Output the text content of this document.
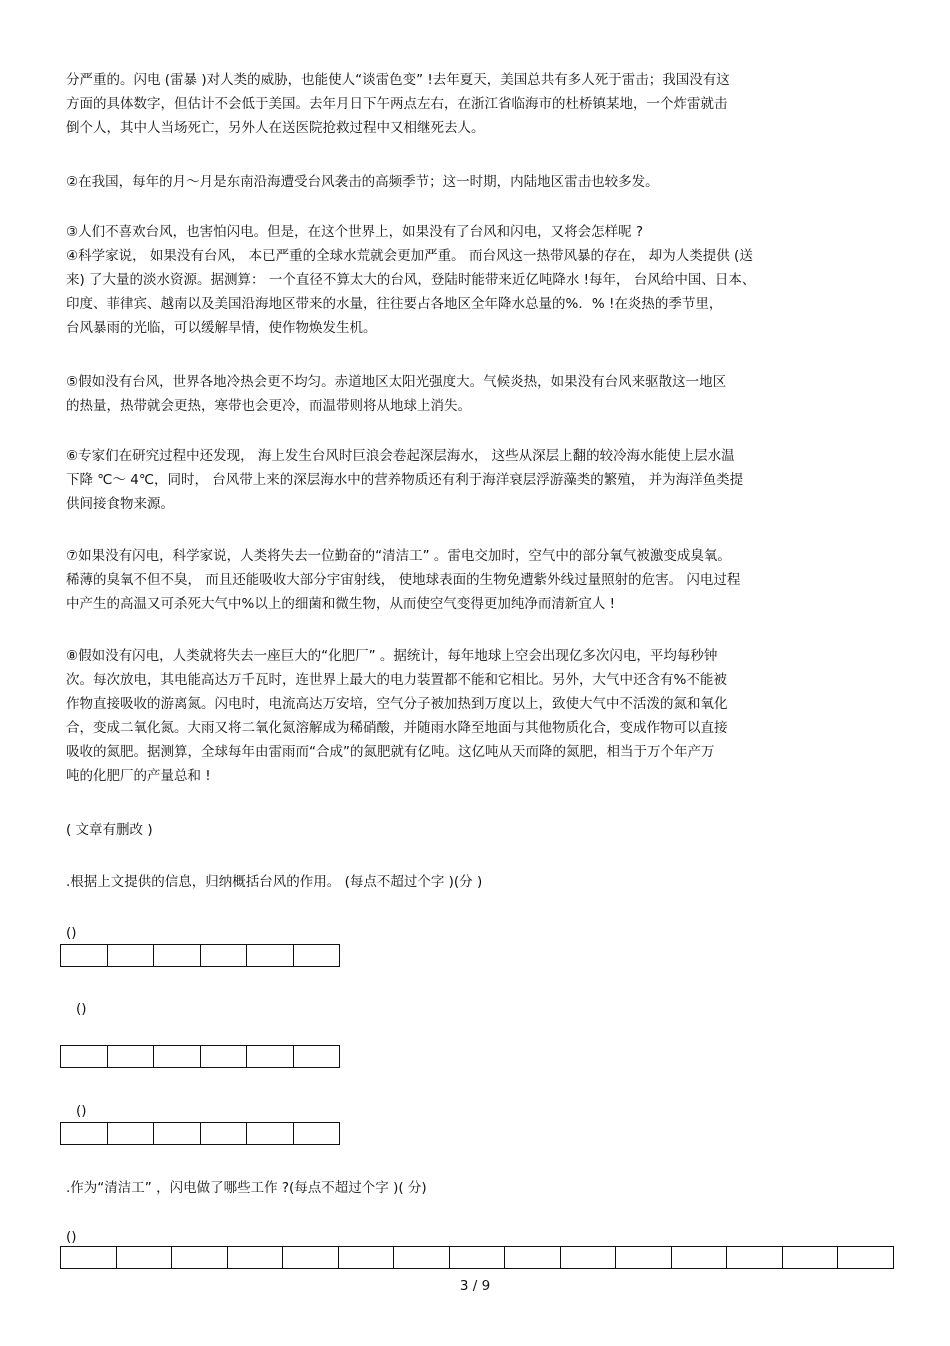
分严重的。闪电 (雷暴 )对人类的威胁，也能使人“谈雷色变” !去年夏天，美国总共有多人死于雷击；我国没有这
方面的具体数字，但估计不会低于美国。去年月日下午两点左右，在浙江省临海市的杜桥镇某地，一个炸雷就击
倒个人，其中人当场死亡，另外人在送医院抢救过程中又相继死去人。
②在我国，每年的月～月是东南沿海遭受台风袭击的高频季节；这一时期，内陆地区雷击也较多发。
③人们不喜欢台风，也害怕闪电。但是，在这个世界上，如果没有了台风和闪电，又将会怎样呢 ?
④科学家说， 如果没有台风， 本已严重的全球水荒就会更加严重。 而台风这一热带风暴的存在， 却为人类提供 (送
来) 了大量的淡水资源。据测算： 一个直径不算太大的台风，登陆时能带来近亿吨降水 !每年， 台风给中国、日本、
印度、菲律宾、越南以及美国沿海地区带来的水量，往往要占各地区全年降水总量的%．% !在炎热的季节里，
台风暴雨的光临，可以缓解旱情，使作物焕发生机。
⑤假如没有台风，世界各地冷热会更不均匀。赤道地区太阳光强度大。气候炎热，如果没有台风来驱散这一地区
的热量，热带就会更热，寒带也会更冷，而温带则将从地球上消失。
⑥专家们在研究过程中还发现， 海上发生台风时巨浪会卷起深层海水， 这些从深层上翻的较冷海水能使上层水温
下降 ℃～ 4℃，同时， 台风带上来的深层海水中的营养物质还有利于海洋衰层浮游藻类的繁殖， 并为海洋鱼类提
供间接食物来源。
⑦如果没有闪电，科学家说，人类将失去一位勤奋的“清洁工” 。雷电交加时，空气中的部分氧气被激变成臭氧。
稀薄的臭氧不但不臭， 而且还能吸收大部分宇宙射线， 使地球表面的生物免遭紫外线过量照射的危害。 闪电过程
中产生的高温又可杀死大气中%以上的细菌和微生物，从而使空气变得更加纯净而清新宜人 !
⑧假如没有闪电，人类就将失去一座巨大的“化肥厂” 。据统计，每年地球上空会出现亿多次闪电，平均每秒钟
次。每次放电，其电能高达万千瓦时，连世界上最大的电力装置都不能和它相比。另外，大气中还含有%不能被
作物直接吸收的游离氮。闪电时，电流高达万安培，空气分子被加热到万度以上，致使大气中不活泼的氮和氧化
合，变成二氧化氮。大雨又将二氧化氮溶解成为稀硝酸，并随雨水降至地面与其他物质化合，变成作物可以直接
吸收的氮肥。据测算，全球每年由雷雨而“合成”的氮肥就有亿吨。这亿吨从天而降的氮肥，相当于万个年产万
吨的化肥厂的产量总和 !
( 文章有删改 )
.根据上文提供的信息，归纳概括台风的作用。 (每点不超过个字 )(分 )
()
()
()
.作为“清洁工” ，闪电做了哪些工作 ?(每点不超过个字 )( 分)
()
3 / 9
